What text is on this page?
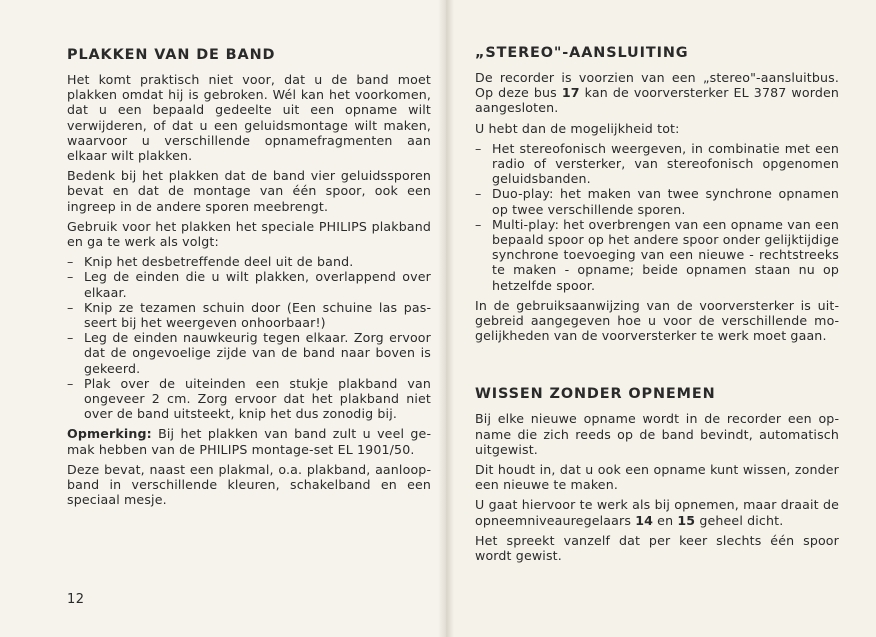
PLAKKEN VAN DE BAND

Het komt praktisch niet voor, dat u de band moet plakken omdat hij is gebroken. Wél kan het voorkomen, dat u een bepaald gedeelte uit een opname wilt verwijderen, of dat u een geluidsmontage wilt maken, waarvoor u verschillende opnamefragmenten aan elkaar wilt plakken.

Bedenk bij het plakken dat de band vier geluidssporen bevat en dat de montage van één spoor, ook een ingreep in de andere sporen meebrengt.

Gebruik voor het plakken het speciale PHILIPS plakband en ga te werk als volgt:

– Knip het desbetreffende deel uit de band.
– Leg de einden die u wilt plakken, overlappend over elkaar.
– Knip ze tezamen schuin door (Een schuine las passeert bij het weergeven onhoorbaar!)
– Leg de einden nauwkeurig tegen elkaar. Zorg ervoor dat de ongevoelige zijde van de band naar boven is gekeerd.
– Plak over de uiteinden een stukje plakband van ongeveer 2 cm. Zorg ervoor dat het plakband niet over de band uitsteekt, knip het dus zonodig bij.

Opmerking: Bij het plakken van band zult u veel gemak hebben van de PHILIPS montage-set EL 1901/50.

Deze bevat, naast een plakmal, o.a. plakband, aanloopband in verschillende kleuren, schakelband en een speciaal mesje.

12
„STEREO"-AANSLUITING

De recorder is voorzien van een „stereo"-aansluitbus. Op deze bus 17 kan de voorversterker EL 3787 worden aangesloten.

U hebt dan de mogelijkheid tot:

– Het stereofonisch weergeven, in combinatie met een radio of versterker, van stereofonisch opgenomen geluidsbanden.
– Duo-play: het maken van twee synchrone opnamen op twee verschillende sporen.
– Multi-play: het overbrengen van een opname van een bepaald spoor op het andere spoor onder gelijktijdige synchrone toevoeging van een nieuwe - rechtstreeks te maken - opname; beide opnamen staan nu op hetzelfde spoor.

In de gebruiksaanwijzing van de voorversterker is uitgebreid aangegeven hoe u voor de verschillende mogelijkheden van de voorversterker te werk moet gaan.

WISSEN ZONDER OPNEMEN

Bij elke nieuwe opname wordt in de recorder een opname die zich reeds op de band bevindt, automatisch uitgewist.

Dit houdt in, dat u ook een opname kunt wissen, zonder een nieuwe te maken.

U gaat hiervoor te werk als bij opnemen, maar draait de opneemniveauregelaars 14 en 15 geheel dicht.

Het spreekt vanzelf dat per keer slechts één spoor wordt gewist.
